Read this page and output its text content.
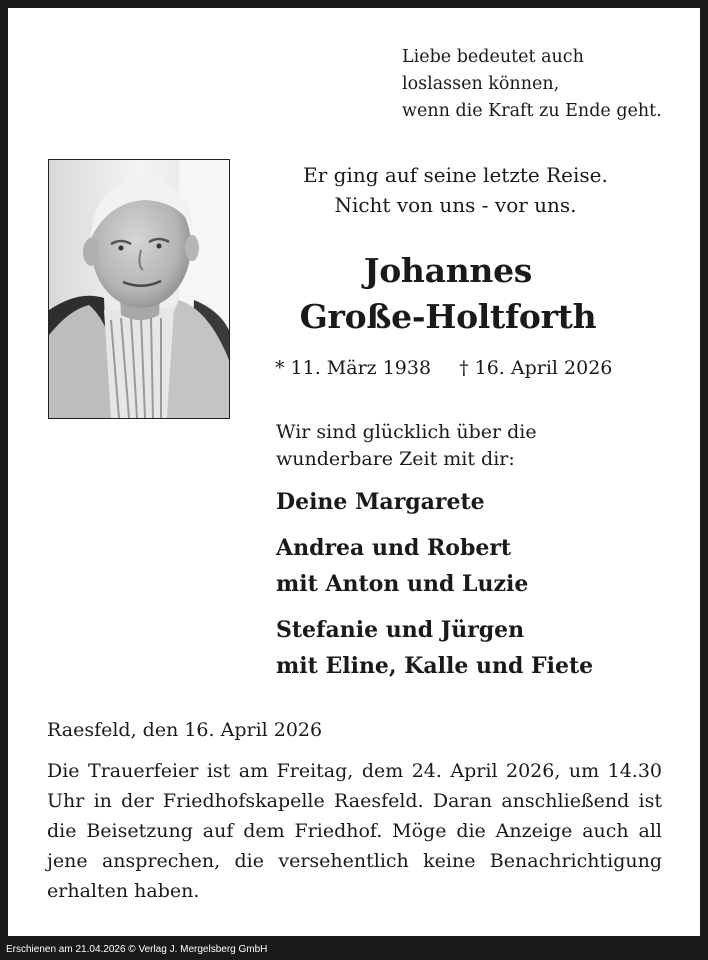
Liebe bedeutet auch
loslassen können,
wenn die Kraft zu Ende geht.
Er ging auf seine letzte Reise.
Nicht von uns - vor uns.
Johannes
Große-Holtforth
* 11. März 1938 † 16. April 2026
Wir sind glücklich über die
wunderbare Zeit mit dir:
Deine Margarete
Andrea und Robert
mit Anton und Luzie
Stefanie und Jürgen
mit Eline, Kalle und Fiete
Raesfeld, den 16. April 2026
Die Trauerfeier ist am Freitag, dem 24. April 2026, um 14.30 Uhr in der Friedhofskapelle Raesfeld. Daran anschließend ist die Beisetzung auf dem Friedhof. Möge die Anzeige auch all jene ansprechen, die versehentlich keine Benachrichtigung erhalten haben.
Erschienen am 21.04.2026 © Verlag J. Mergelsberg GmbH
